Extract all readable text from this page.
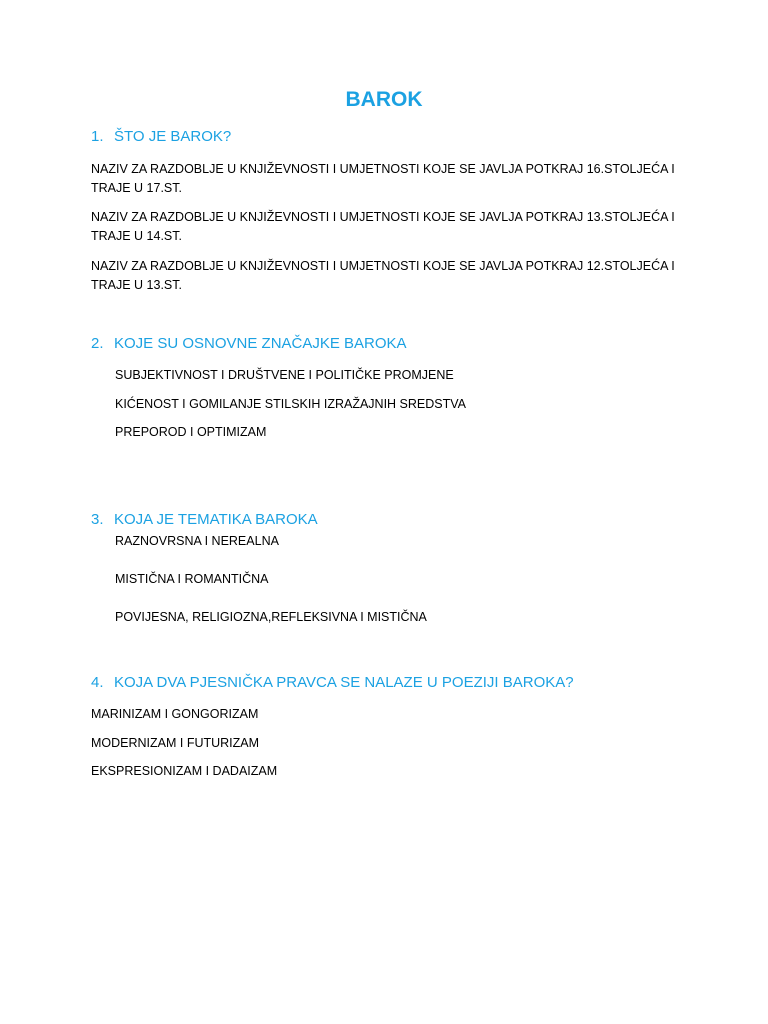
BAROK
1. ŠTO JE BAROK?

NAZIV ZA RAZDOBLJE U KNJIŽEVNOSTI I UMJETNOSTI KOJE SE JAVLJA POTKRAJ 16.STOLJEĆA I TRAJE U 17.ST.

NAZIV ZA RAZDOBLJE U KNJIŽEVNOSTI I UMJETNOSTI KOJE SE JAVLJA POTKRAJ 13.STOLJEĆA I TRAJE U 14.ST.

NAZIV ZA RAZDOBLJE U KNJIŽEVNOSTI I UMJETNOSTI KOJE SE JAVLJA POTKRAJ 12.STOLJEĆA I TRAJE U 13.ST.

2. KOJE SU OSNOVNE ZNAČAJKE BAROKA

SUBJEKTIVNOST I DRUŠTVENE I POLITIČKE PROMJENE

KIĆENOST I GOMILANJE STILSKIH IZRAŽAJNIH SREDSTVA

PREPOROD I OPTIMIZAM

3. KOJA JE TEMATIKA BAROKA

RAZNOVRSNA I NEREALNA

MISTIČNA I ROMANTIČNA

POVIJESNA, RELIGIOZNA,REFLEKSIVNA I MISTIČNA

4. KOJA DVA PJESNIČKA PRAVCA SE NALAZE U POEZIJI BAROKA?

MARINIZAM I GONGORIZAM

MODERNIZAM I FUTURIZAM

EKSPRESIONIZAM I DADAIZAM
